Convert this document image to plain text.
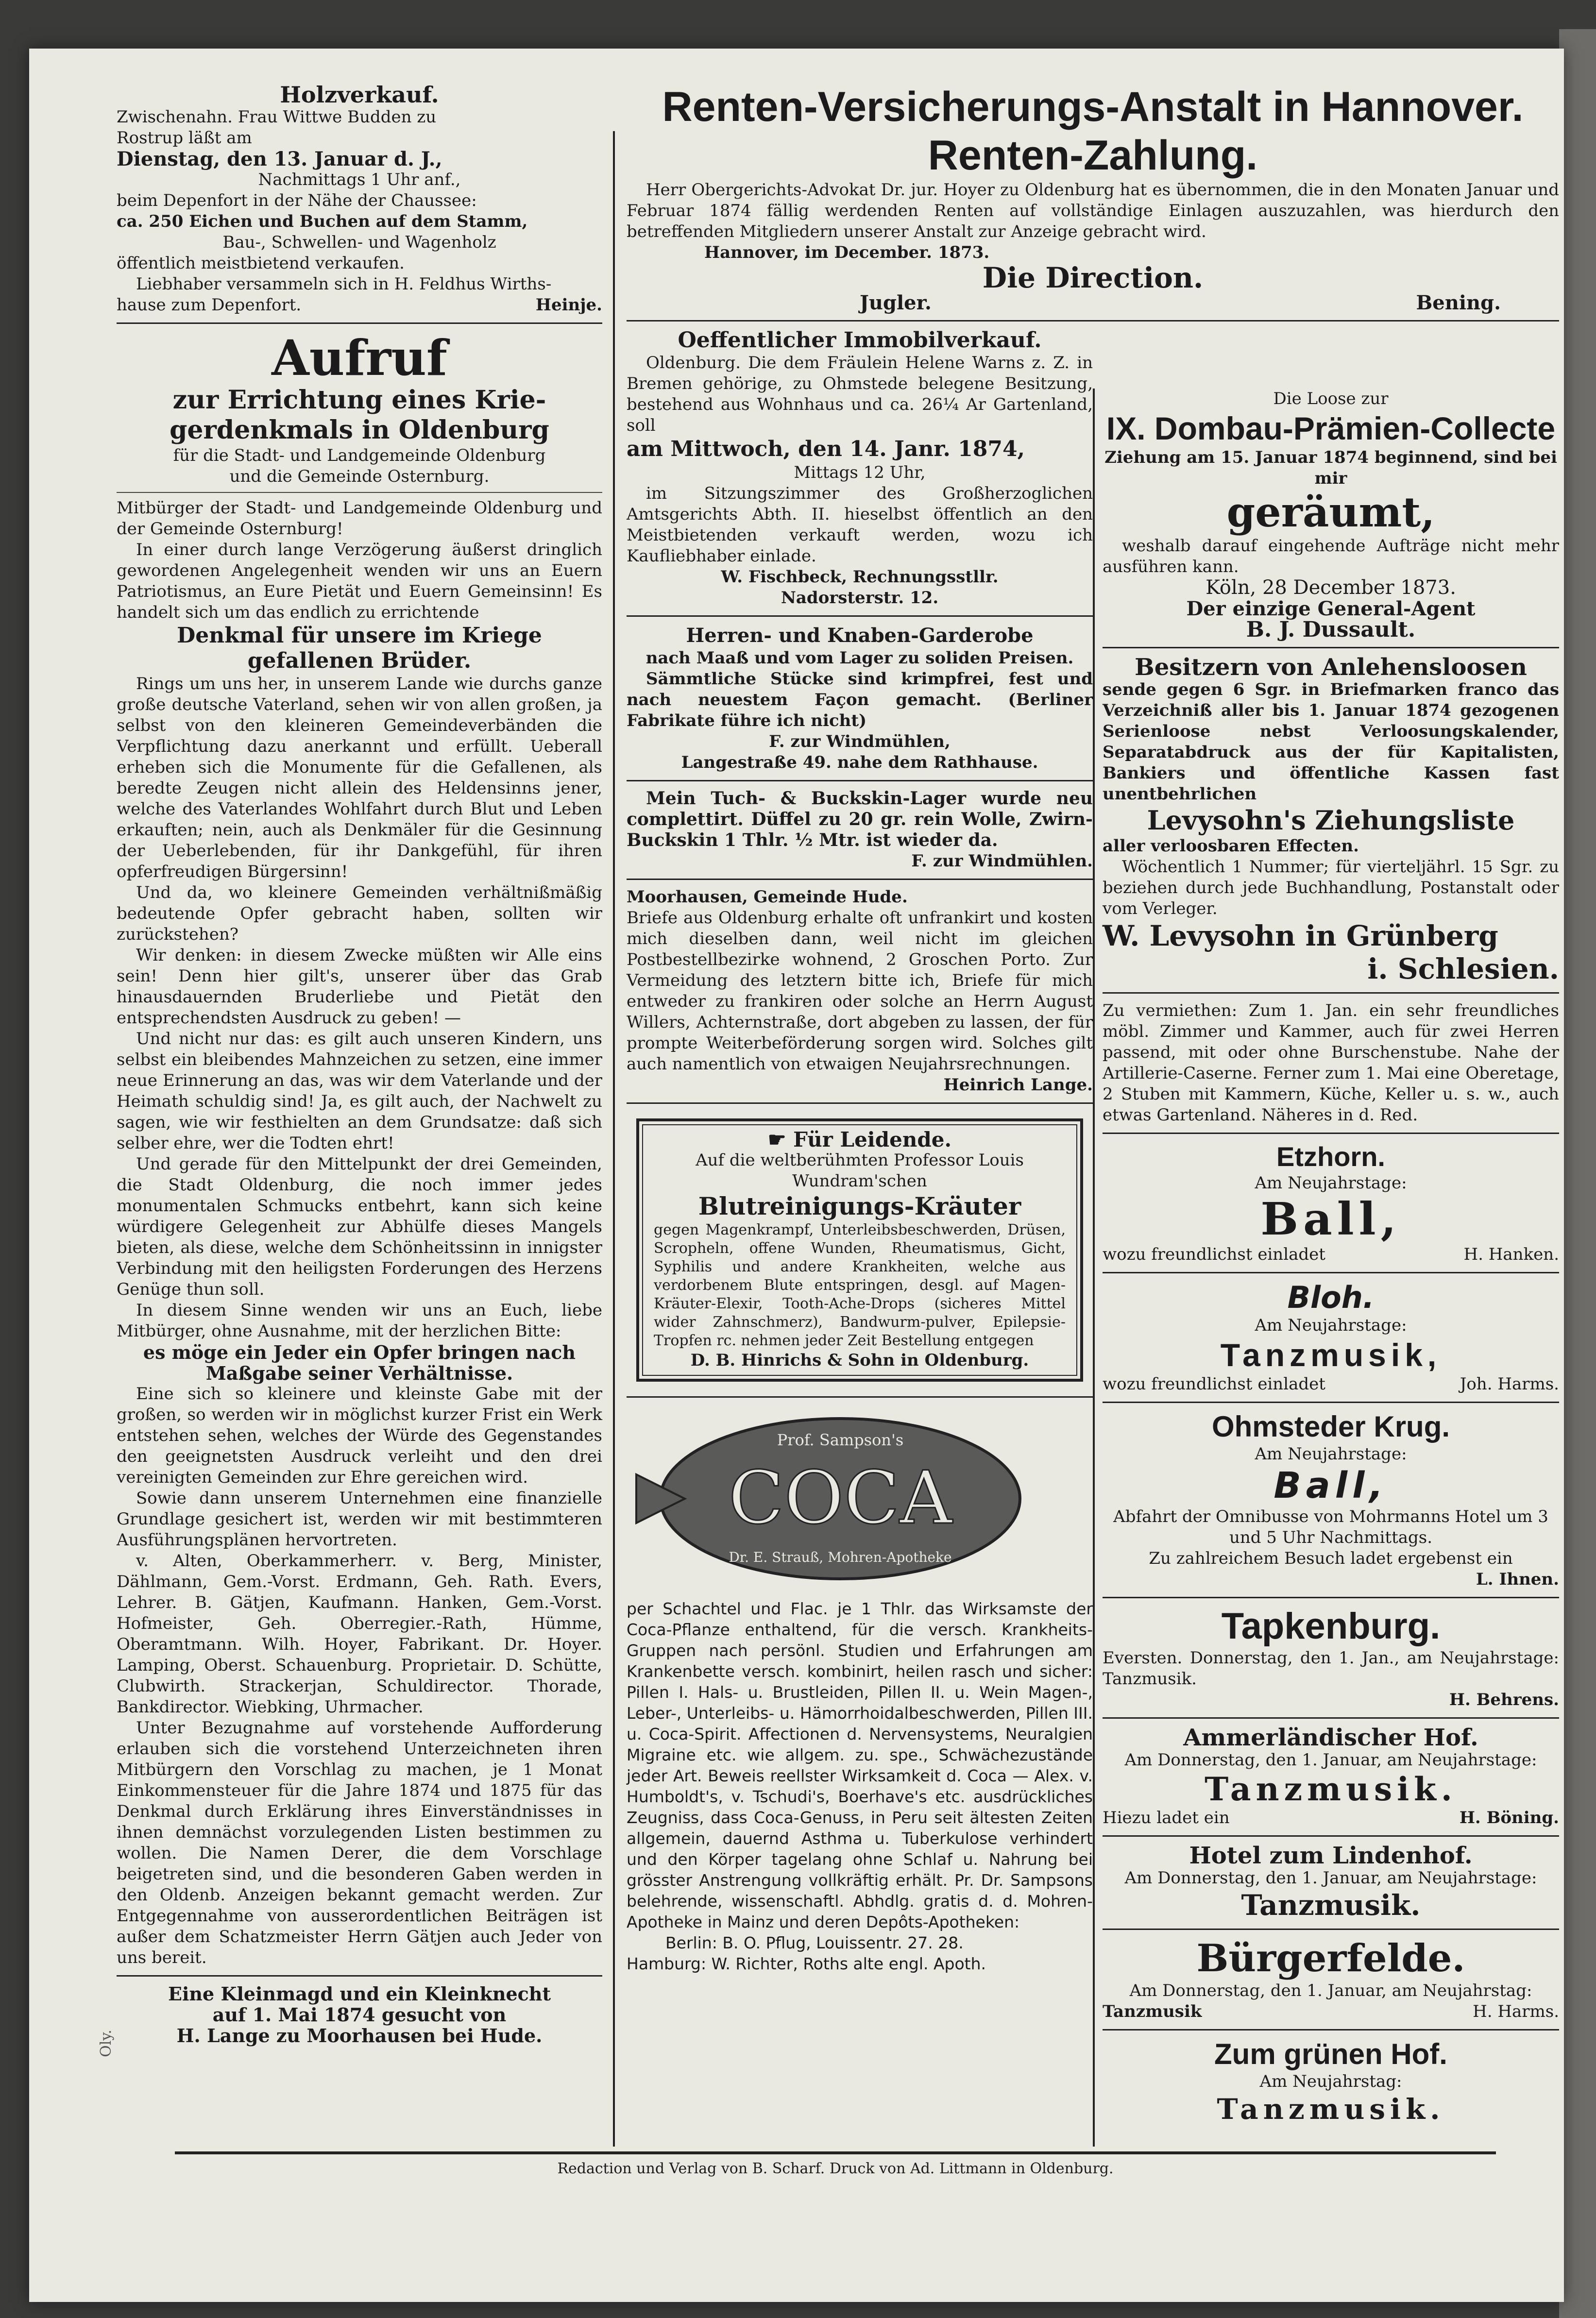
Oly.
Holzverkauf.
Zwischenahn. Frau Wittwe Budden zu
Rostrup läßt am
Dienstag, den 13. Januar d. J.,
Nachmittags 1 Uhr anf.,
beim Depenfort in der Nähe der Chaussee:
ca. 250 Eichen und Buchen auf dem Stamm,
Bau-, Schwellen- und Wagenholz
öffentlich meistbietend verkaufen.
Liebhaber versammeln sich in H. Feldhus Wirths-
hause zum Depenfort.	Heinje.
Aufruf
zur Errichtung eines Krie-
gerdenkmals in Oldenburg
für die Stadt- und Landgemeinde Oldenburg
und die Gemeinde Osternburg.
Mitbürger der Stadt- und Landgemeinde Oldenburg und der Gemeinde Osternburg!
In einer durch lange Verzögerung äußerst dringlich gewordenen Angelegenheit wenden wir uns an Euern Patriotismus, an Eure Pietät und Euern Gemeinsinn! Es handelt sich um das endlich zu errichtende
Denkmal für unsere im Kriege gefallenen Brüder.
Rings um uns her, in unserem Lande wie durchs ganze große deutsche Vaterland, sehen wir von allen großen, ja selbst von den kleineren Gemeindeverbänden die Verpflichtung dazu anerkannt und erfüllt. Ueberall erheben sich die Monumente für die Gefallenen, als beredte Zeugen nicht allein des Heldensinns jener, welche des Vaterlandes Wohlfahrt durch Blut und Leben erkauften; nein, auch als Denkmäler für die Gesinnung der Ueberlebenden, für ihr Dankgefühl, für ihren opferfreudigen Bürgersinn!
Und da, wo kleinere Gemeinden verhältnißmäßig bedeutende Opfer gebracht haben, sollten wir zurückstehen?
Wir denken: in diesem Zwecke müßten wir Alle eins sein! Denn hier gilt's, unserer über das Grab hinausdauernden Bruderliebe und Pietät den entsprechendsten Ausdruck zu geben! —
Und nicht nur das: es gilt auch unseren Kindern, uns selbst ein bleibendes Mahnzeichen zu setzen, eine immer neue Erinnerung an das, was wir dem Vaterlande und der Heimath schuldig sind! Ja, es gilt auch, der Nachwelt zu sagen, wie wir festhielten an dem Grundsatze: daß sich selber ehre, wer die Todten ehrt!
Und gerade für den Mittelpunkt der drei Gemeinden, die Stadt Oldenburg, die noch immer jedes monumentalen Schmucks entbehrt, kann sich keine würdigere Gelegenheit zur Abhülfe dieses Mangels bieten, als diese, welche dem Schönheitssinn in innigster Verbindung mit den heiligsten Forderungen des Herzens Genüge thun soll.
In diesem Sinne wenden wir uns an Euch, liebe Mitbürger, ohne Ausnahme, mit der herzlichen Bitte:
es möge ein Jeder ein Opfer bringen nach Maßgabe seiner Verhältnisse.
Eine sich so kleinere und kleinste Gabe mit der großen, so werden wir in möglichst kurzer Frist ein Werk entstehen sehen, welches der Würde des Gegenstandes den geeignetsten Ausdruck verleiht und den drei vereinigten Gemeinden zur Ehre gereichen wird.
Sowie dann unserem Unternehmen eine finanzielle Grundlage gesichert ist, werden wir mit bestimmteren Ausführungsplänen hervortreten.
v. Alten, Oberkammerherr. v. Berg, Minister, Dählmann, Gem.-Vorst. Erdmann, Geh. Rath. Evers, Lehrer. B. Gätjen, Kaufmann. Hanken, Gem.-Vorst. Hofmeister, Geh. Oberregier.-Rath, Hümme, Oberamtmann. Wilh. Hoyer, Fabrikant. Dr. Hoyer. Lamping, Oberst. Schauenburg. Proprietair. D. Schütte, Clubwirth. Strackerjan, Schuldirector. Thorade, Bankdirector. Wiebking, Uhrmacher.
Unter Bezugnahme auf vorstehende Aufforderung erlauben sich die vorstehend Unterzeichneten ihren Mitbürgern den Vorschlag zu machen, je 1 Monat Einkommensteuer für die Jahre 1874 und 1875 für das Denkmal durch Erklärung ihres Einverständnisses in ihnen demnächst vorzulegenden Listen bestimmen zu wollen. Die Namen Derer, die dem Vorschlage beigetreten sind, und die besonderen Gaben werden in den Oldenb. Anzeigen bekannt gemacht werden. Zur Entgegennahme von ausserordentlichen Beiträgen ist außer dem Schatzmeister Herrn Gätjen auch Jeder von uns bereit.
Eine Kleinmagd und ein Kleinknecht
auf 1. Mai 1874 gesucht von
H. Lange zu Moorhausen bei Hude.
Renten-Versicherungs-Anstalt in Hannover.
Renten-Zahlung.
Herr Obergerichts-Advokat Dr. jur. Hoyer zu Oldenburg hat es übernommen, die in den Monaten Januar und Februar 1874 fällig werdenden Renten auf vollständige Einlagen auszuzahlen, was hierdurch den betreffenden Mitgliedern unserer Anstalt zur Anzeige gebracht wird.
Hannover, im December. 1873.
Die Direction.
Jugler.	Bening.
Oeffentlicher Immobilverkauf.
Oldenburg. Die dem Fräulein Helene Warns z. Z. in Bremen gehörige, zu Ohmstede belegene Besitzung, bestehend aus Wohnhaus und ca. 26¼ Ar Gartenland, soll
am Mittwoch, den 14. Janr. 1874,
Mittags 12 Uhr,
im Sitzungszimmer des Großherzoglichen Amtsgerichts Abth. II. hieselbst öffentlich an den Meistbietenden verkauft werden, wozu ich Kaufliebhaber einlade.
W. Fischbeck, Rechnungsstllr.
Nadorsterstr. 12.
Herren- und Knaben-Garderobe
nach Maaß und vom Lager zu soliden Preisen.
Sämmtliche Stücke sind krimpfrei, fest und nach neuestem Façon gemacht. (Berliner Fabrikate führe ich nicht)
F. zur Windmühlen,
Langestraße 49. nahe dem Rathhause.
Mein Tuch- & Buckskin-Lager wurde neu complettirt. Düffel zu 20 gr. rein Wolle, Zwirn-Buckskin 1 Thlr. ½ Mtr. ist wieder da.
F. zur Windmühlen.
Moorhausen, Gemeinde Hude.
Briefe aus Oldenburg erhalte oft unfrankirt und kosten mich dieselben dann, weil nicht im gleichen Postbestellbezirke wohnend, 2 Groschen Porto. Zur Vermeidung des letztern bitte ich, Briefe für mich entweder zu frankiren oder solche an Herrn August Willers, Achternstraße, dort abgeben zu lassen, der für prompte Weiterbeförderung sorgen wird. Solches gilt auch namentlich von etwaigen Neujahrsrechnungen.
Heinrich Lange.
☛ Für Leidende.
Auf die weltberühmten Professor Louis Wundram'schen
Blutreinigungs-Kräuter
gegen Magenkrampf, Unterleibsbeschwerden, Drüsen, Scropheln, offene Wunden, Rheumatismus, Gicht, Syphilis und andere Krankheiten, welche aus verdorbenem Blute entspringen, desgl. auf Magen-Kräuter-Elexir, Tooth-Ache-Drops (sicheres Mittel wider Zahnschmerz), Bandwurm-pulver, Epilepsie-Tropfen rc. nehmen jeder Zeit Bestellung entgegen
D. B. Hinrichs & Sohn in Oldenburg.
Prof. Sampson's
COCA
Dr. E. Strauß, Mohren-Apotheke
per Schachtel und Flac. je 1 Thlr. das Wirksamste der Coca-Pflanze enthaltend, für die versch. Krankheits-Gruppen nach persönl. Studien und Erfahrungen am Krankenbette versch. kombinirt, heilen rasch und sicher: Pillen I. Hals- u. Brustleiden, Pillen II. u. Wein Magen-, Leber-, Unterleibs- u. Hämorrhoidalbeschwerden, Pillen III. u. Coca-Spirit. Affectionen d. Nervensystems, Neuralgien Migraine etc. wie allgem. zu. spe., Schwächezustände jeder Art. Beweis reellster Wirksamkeit d. Coca — Alex. v. Humboldt's, v. Tschudi's, Boerhave's etc. ausdrückliches Zeugniss, dass Coca-Genuss, in Peru seit ältesten Zeiten allgemein, dauernd Asthma u. Tuberkulose verhindert und den Körper tagelang ohne Schlaf u. Nahrung bei grösster Anstrengung vollkräftig erhält. Pr. Dr. Sampsons belehrende, wissenschaftl. Abhdlg. gratis d. d. Mohren-Apotheke in Mainz und deren Depôts-Apotheken:
Berlin: B. O. Pflug, Louissentr. 27. 28.
Hamburg: W. Richter, Roths alte engl. Apoth.
Die Loose zur
IX. Dombau-Prämien-Collecte
Ziehung am 15. Januar 1874 beginnend, sind bei mir
geräumt,
weshalb darauf eingehende Aufträge nicht mehr ausführen kann.
Köln, 28 December 1873.
Der einzige General-Agent
B. J. Dussault.
Besitzern von Anlehensloosen
sende gegen 6 Sgr. in Briefmarken franco das Verzeichniß aller bis 1. Januar 1874 gezogenen Serienloose nebst Verloosungskalender, Separatabdruck aus der für Kapitalisten, Bankiers und öffentliche Kassen fast unentbehrlichen
Levysohn's Ziehungsliste
aller verloosbaren Effecten.
Wöchentlich 1 Nummer; für vierteljährl. 15 Sgr. zu beziehen durch jede Buchhandlung, Postanstalt oder vom Verleger.
W. Levysohn in Grünberg
i. Schlesien.
Zu vermiethen: Zum 1. Jan. ein sehr freundliches möbl. Zimmer und Kammer, auch für zwei Herren passend, mit oder ohne Burschenstube. Nahe der Artillerie-Caserne. Ferner zum 1. Mai eine Oberetage, 2 Stuben mit Kammern, Küche, Keller u. s. w., auch etwas Gartenland. Näheres in d. Red.
Etzhorn.
Am Neujahrstage:
Ball,
wozu freundlichst einladet	H. Hanken.
Bloh.
Am Neujahrstage:
Tanzmusik,
wozu freundlichst einladet	Joh. Harms.
Ohmsteder Krug.
Am Neujahrstage:
Ball,
Abfahrt der Omnibusse von Mohrmanns Hotel um 3 und 5 Uhr Nachmittags.
Zu zahlreichem Besuch ladet ergebenst ein
L. Ihnen.
Tapkenburg.
Eversten. Donnerstag, den 1. Jan., am Neujahrstage: Tanzmusik.
H. Behrens.
Ammerländischer Hof.
Am Donnerstag, den 1. Januar, am Neujahrstage:
Tanzmusik.
Hiezu ladet ein	H. Böning.
Hotel zum Lindenhof.
Am Donnerstag, den 1. Januar, am Neujahrstage:
Tanzmusik.
Bürgerfelde.
Am Donnerstag, den 1. Januar, am Neujahrstag:
Tanzmusik	H. Harms.
Zum grünen Hof.
Am Neujahrstag:
Tanzmusik.
Redaction und Verlag von B. Scharf. Druck von Ad. Littmann in Oldenburg.
